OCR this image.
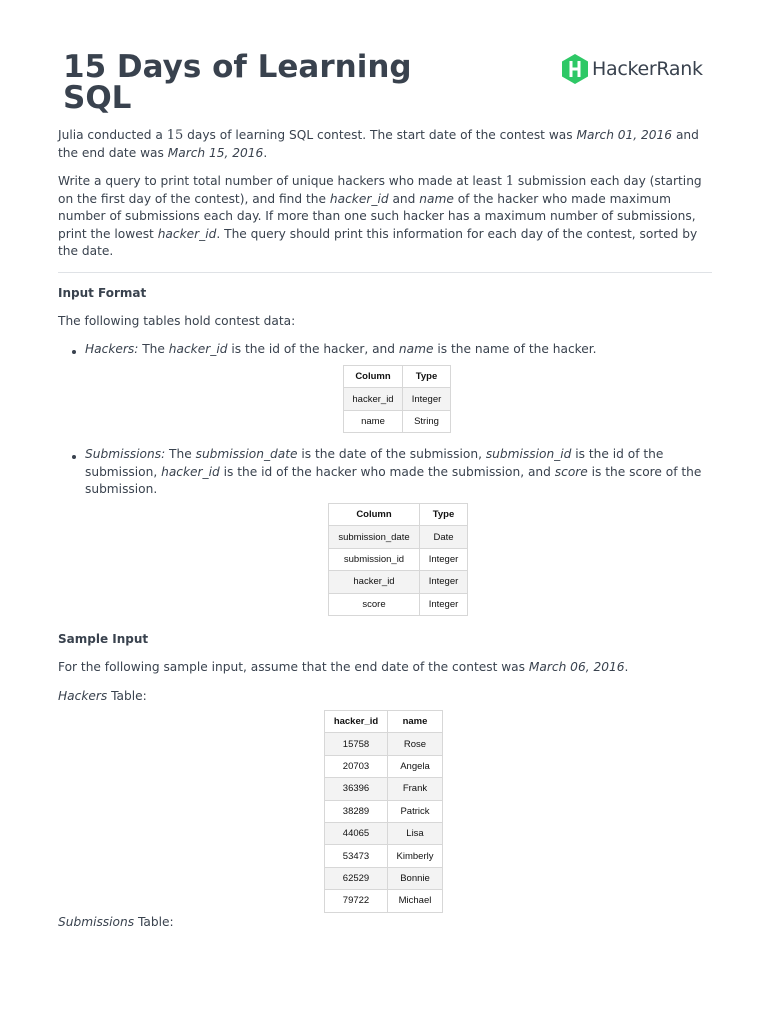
15 Days of Learning SQL
HackerRank

Julia conducted a 15 days of learning SQL contest. The start date of the contest was March 01, 2016 and the end date was March 15, 2016.

Write a query to print total number of unique hackers who made at least 1 submission each day (starting on the first day of the contest), and find the hacker_id and name of the hacker who made maximum number of submissions each day. If more than one such hacker has a maximum number of submissions, print the lowest hacker_id. The query should print this information for each day of the contest, sorted by the date.

Input Format

The following tables hold contest data:

Hackers: The hacker_id is the id of the hacker, and name is the name of the hacker.

Column	Type
hacker_id	Integer
name	String

Submissions: The submission_date is the date of the submission, submission_id is the id of the submission, hacker_id is the id of the hacker who made the submission, and score is the score of the submission.

Column	Type
submission_date	Date
submission_id	Integer
hacker_id	Integer
score	Integer
Sample Input

For the following sample input, assume that the end date of the contest was March 06, 2016.

Hackers Table:

hacker_id	name
15758	Rose
20703	Angela
36396	Frank
38289	Patrick
44065	Lisa
53473	Kimberly
62529	Bonnie
79722	Michael

Submissions Table:
